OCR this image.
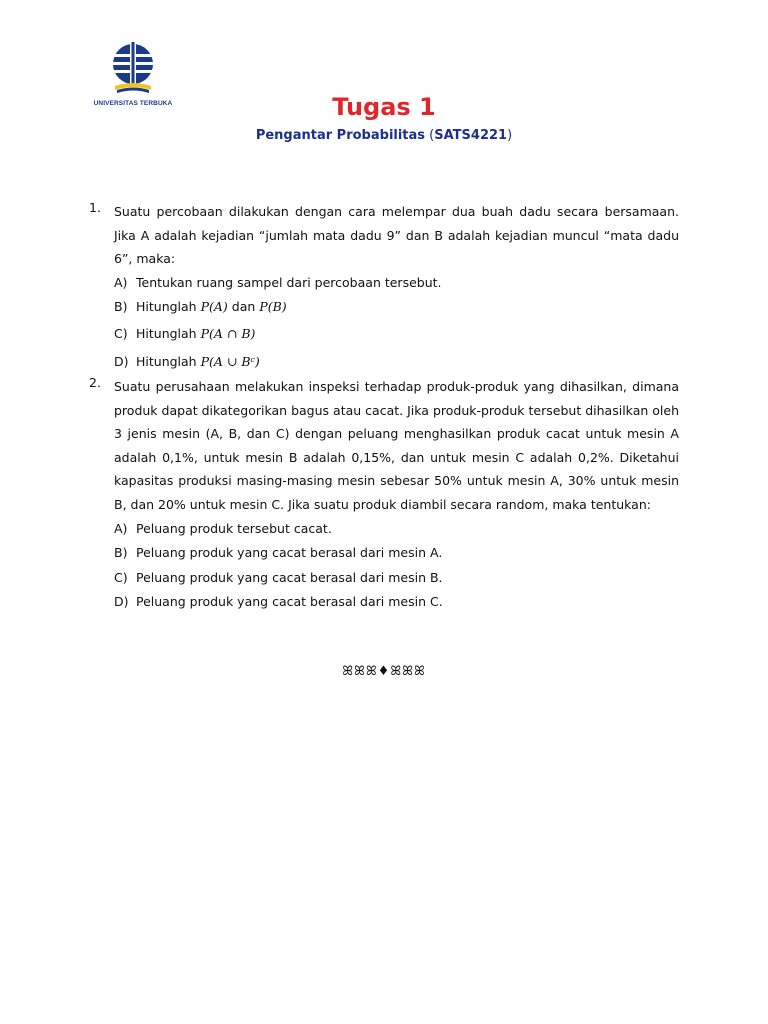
UNIVERSITAS TERBUKA	Tugas 1
Pengantar Probabilitas (SATS4221)
1.	Suatu percobaan dilakukan dengan cara melempar dua buah dadu secara bersamaan. Jika A adalah kejadian “jumlah mata dadu 9” dan B adalah kejadian muncul “mata dadu 6”, maka:
A) Tentukan ruang sampel dari percobaan tersebut.
B) Hitunglah P(A) dan P(B)
C) Hitunglah P(A ∩ B)
D) Hitunglah P(A ∪ Bᶜ)
2.	Suatu perusahaan melakukan inspeksi terhadap produk-produk yang dihasilkan, dimana produk dapat dikategorikan bagus atau cacat. Jika produk-produk tersebut dihasilkan oleh 3 jenis mesin (A, B, dan C) dengan peluang menghasilkan produk cacat untuk mesin A adalah 0,1%, untuk mesin B adalah 0,15%, dan untuk mesin C adalah 0,2%. Diketahui kapasitas produksi masing-masing mesin sebesar 50% untuk mesin A, 30% untuk mesin B, dan 20% untuk mesin C. Jika suatu produk diambil secara random, maka tentukan:
A) Peluang produk tersebut cacat.
B) Peluang produk yang cacat berasal dari mesin A.
C) Peluang produk yang cacat berasal dari mesin B.
D) Peluang produk yang cacat berasal dari mesin C.
ꕤꕤꕤ♦ꕤꕤꕤ
